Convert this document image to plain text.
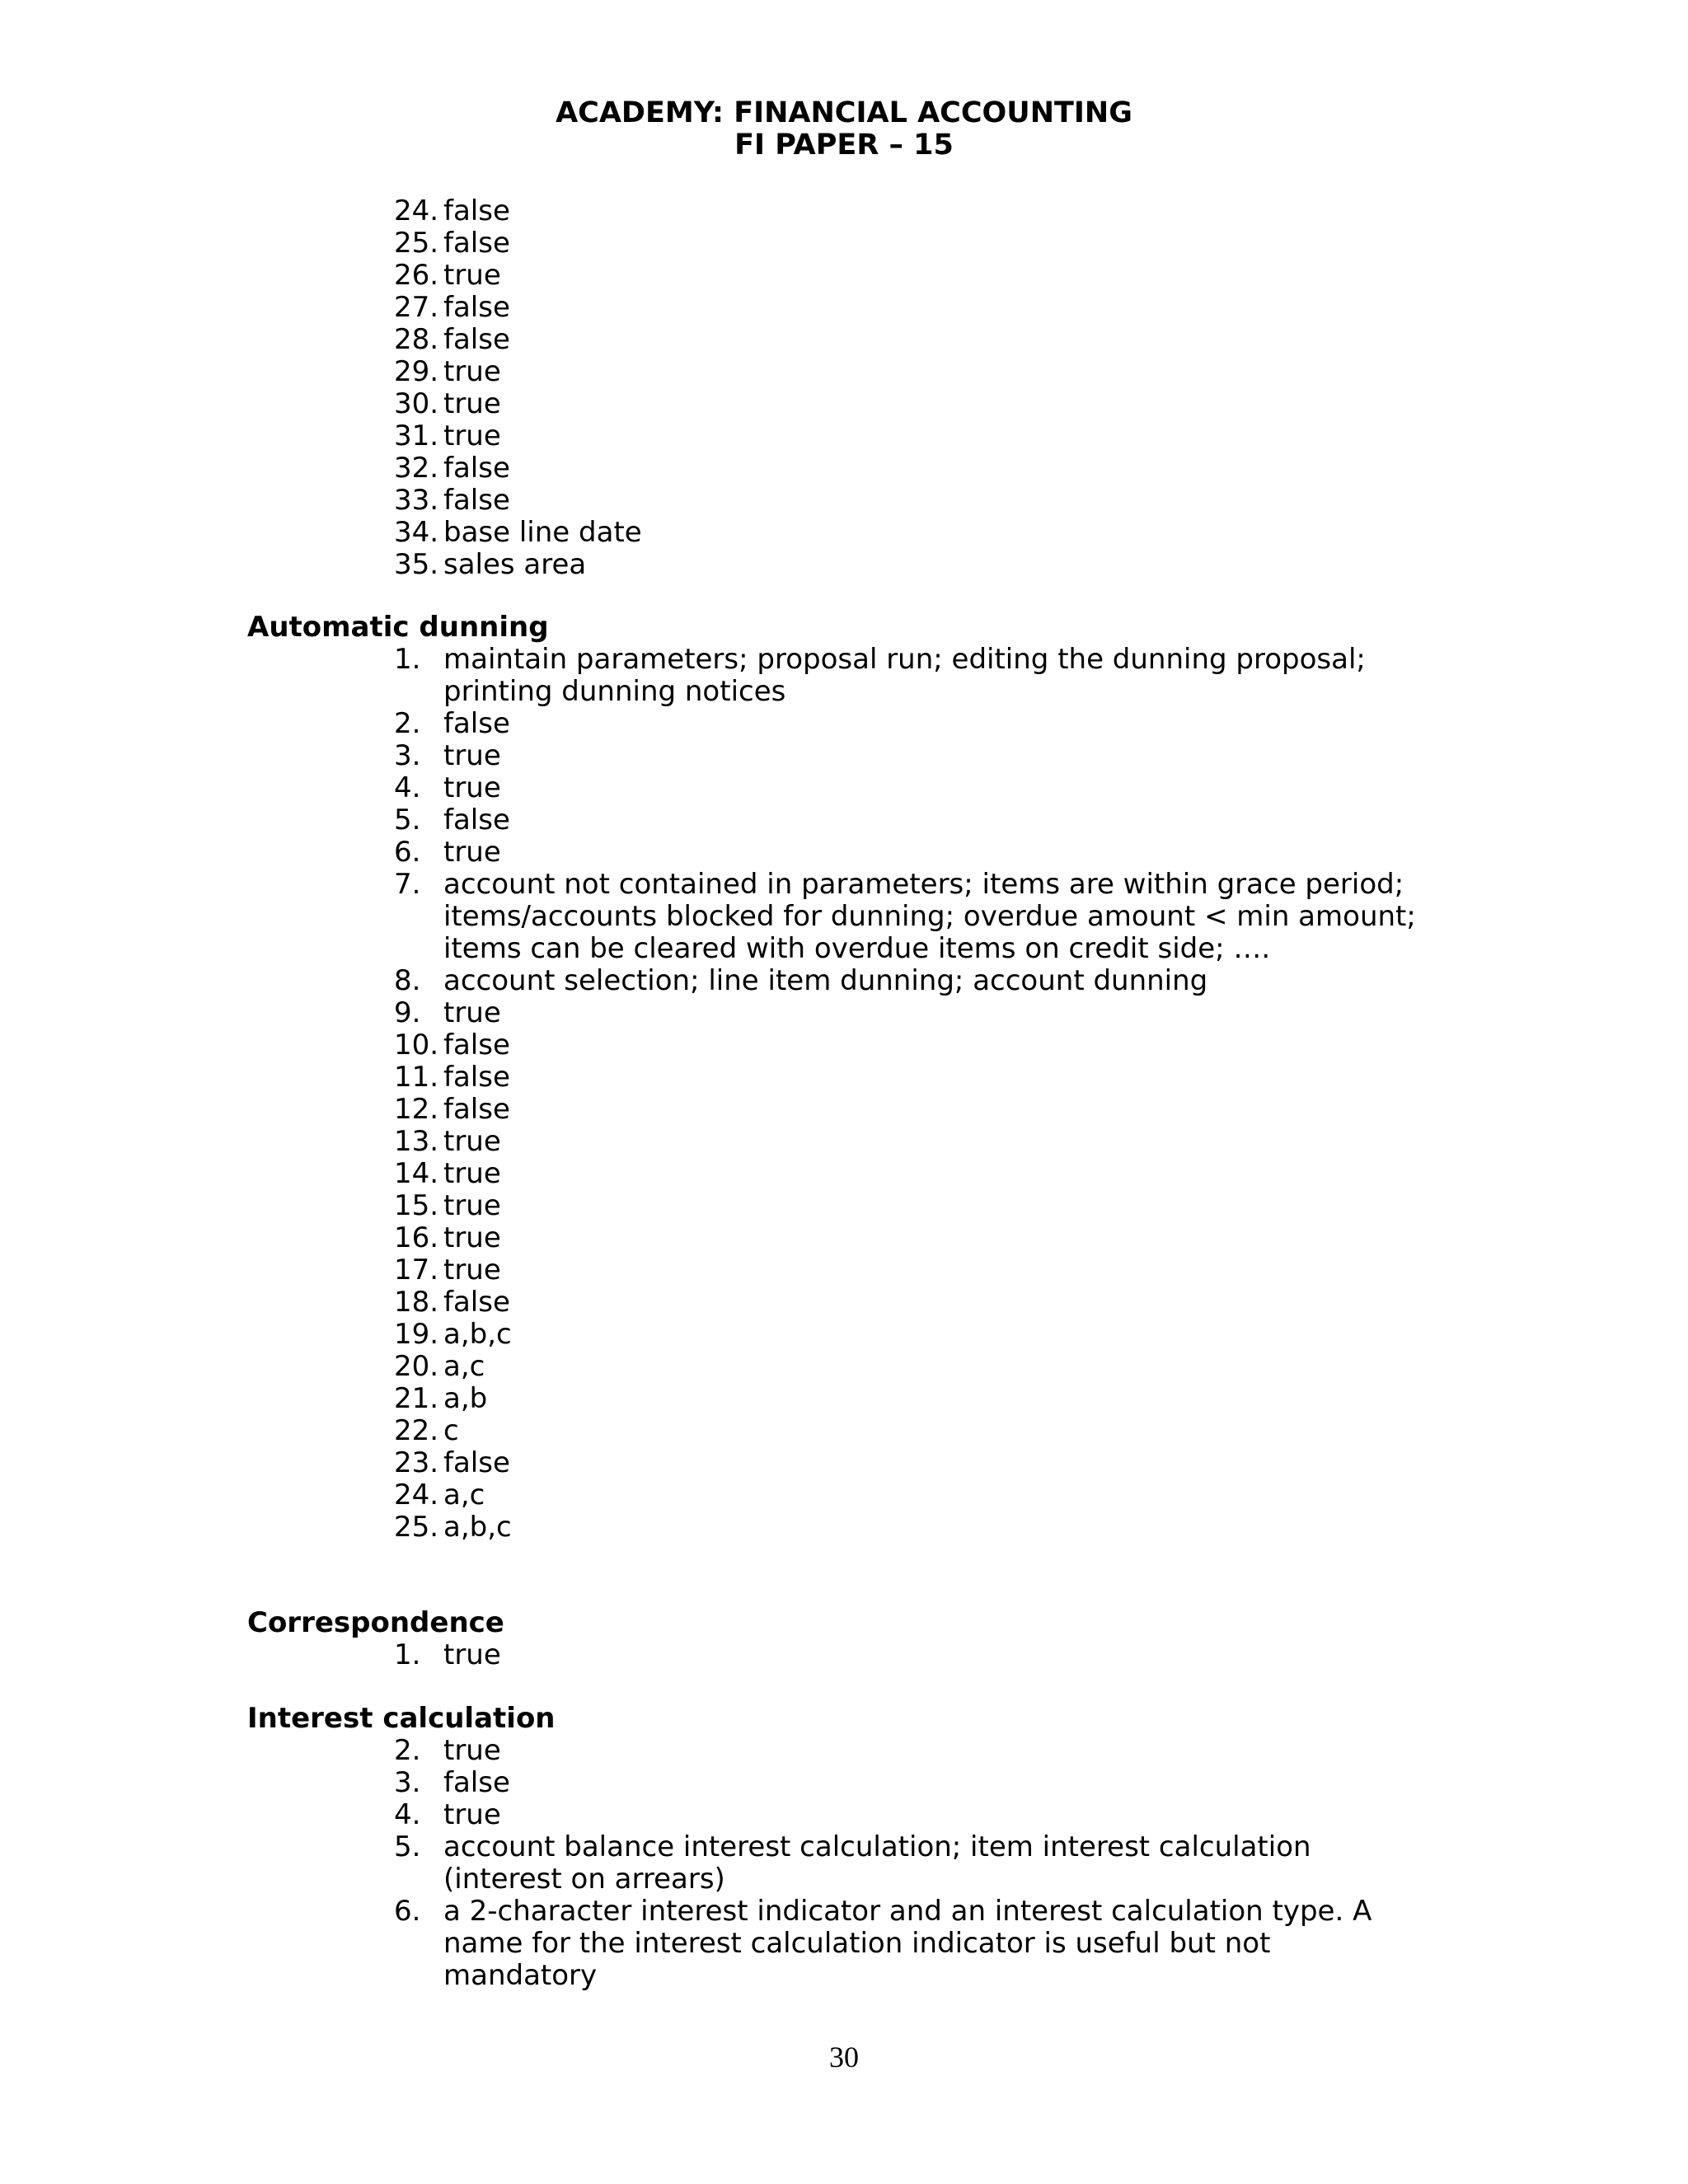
ACADEMY: FINANCIAL ACCOUNTING
FI PAPER – 15
24. false
25. false
26. true
27. false
28. false
29. true
30. true
31. true
32. false
33. false
34. base line date
35. sales area
Automatic dunning
1. maintain parameters; proposal run; editing the dunning proposal; printing dunning notices
2. false
3. true
4. true
5. false
6. true
7. account not contained in parameters; items are within grace period; items/accounts blocked for dunning; overdue amount < min amount; items can be cleared with overdue items on credit side; ….
8. account selection; line item dunning; account dunning
9. true
10. false
11. false
12. false
13. true
14. true
15. true
16. true
17. true
18. false
19. a,b,c
20. a,c
21. a,b
22. c
23. false
24. a,c
25. a,b,c
Correspondence
1. true
Interest calculation
2. true
3. false
4. true
5. account balance interest calculation; item interest calculation (interest on arrears)
6. a 2-character interest indicator and an interest calculation type. A name for the interest calculation indicator is useful but not mandatory
30
